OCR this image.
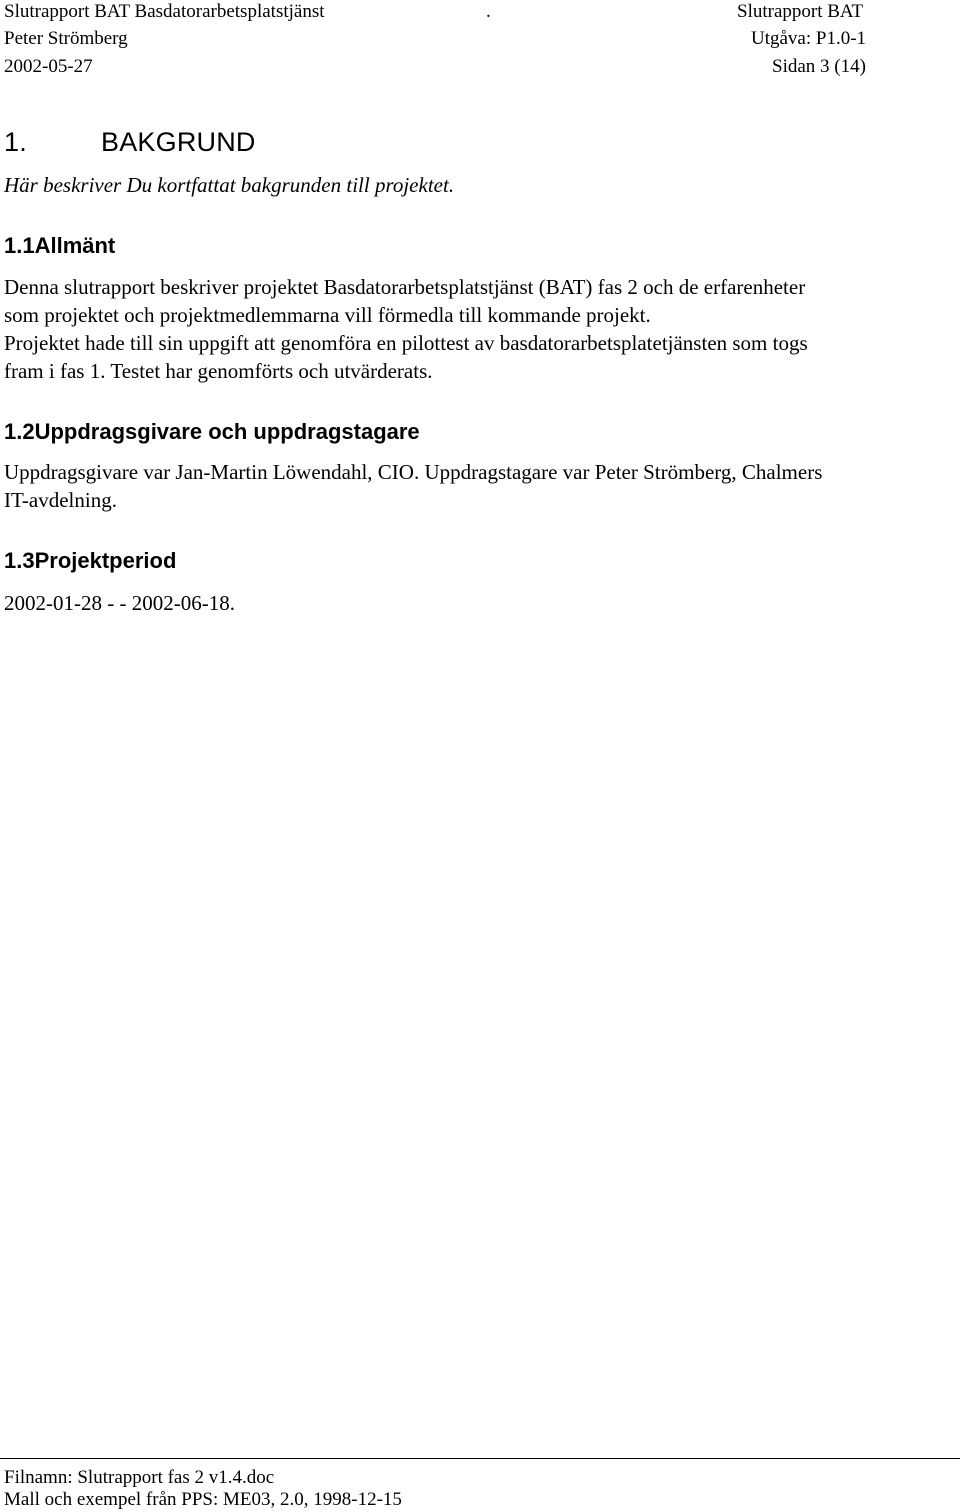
Slutrapport BAT Basdatorarbetsplatstjänst	.	Slutrapport BAT
Peter Strömberg	Utgåva: P1.0-1
2002-05-27	Sidan 3 (14)
1.	BAKGRUND
Här beskriver Du kortfattat bakgrunden till projektet.
1.1Allmänt
Denna slutrapport beskriver projektet Basdatorarbetsplatstjänst (BAT) fas 2 och de erfarenheter
som projektet och projektmedlemmarna vill förmedla till kommande projekt.
Projektet hade till sin uppgift att genomföra en pilottest av basdatorarbetsplatetjänsten som togs
fram i fas 1. Testet har genomförts och utvärderats.
1.2Uppdragsgivare och uppdragstagare
Uppdragsgivare var Jan-Martin Löwendahl, CIO. Uppdragstagare var Peter Strömberg, Chalmers
IT-avdelning.
1.3Projektperiod
2002-01-28 - - 2002-06-18.
Filnamn: Slutrapport fas 2 v1.4.doc
Mall och exempel från PPS: ME03, 2.0, 1998-12-15
